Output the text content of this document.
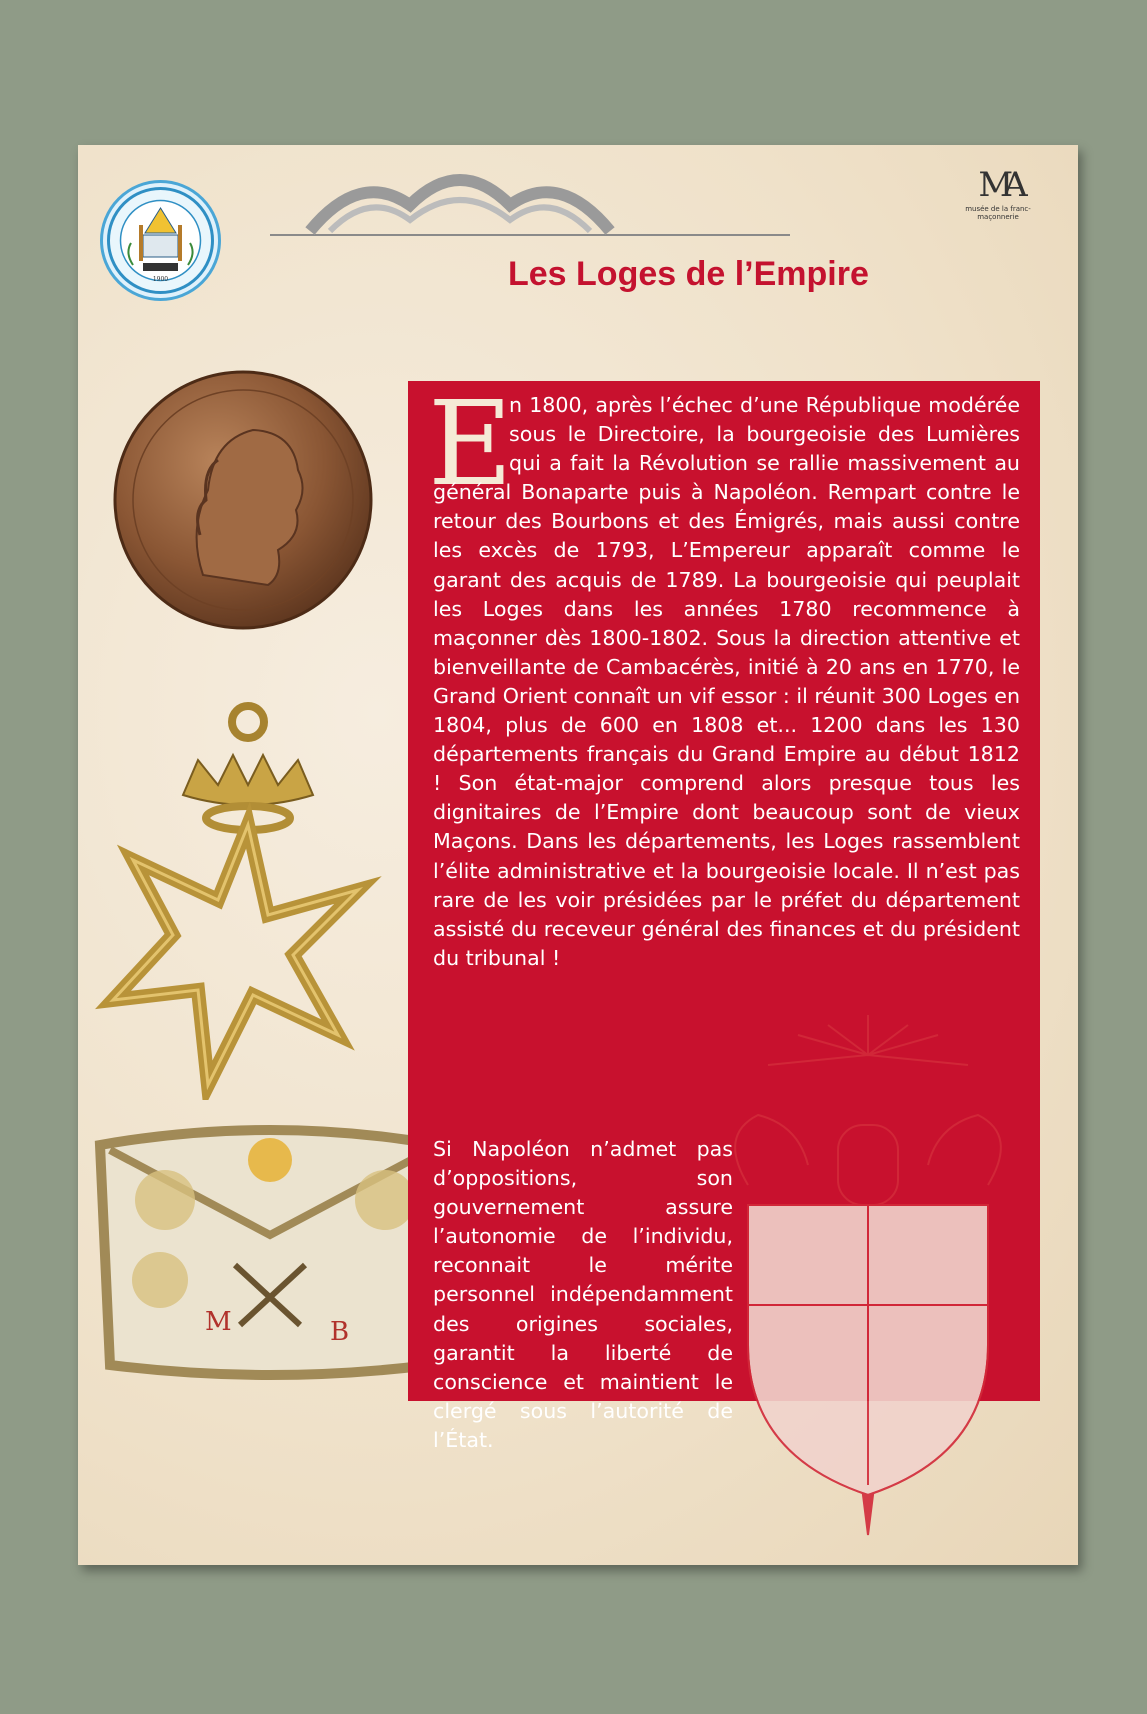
1900
MA
musée de la franc-maçonnerie
Les Loges de l’Empire
M	B
E

n 1800, après l’échec d’une République modérée sous le Directoire, la bourgeoisie des Lumières qui a fait la Révolution se rallie massivement au général Bonaparte puis à Napoléon. Rempart contre le retour des Bourbons et des Émigrés, mais aussi contre les excès de 1793, L’Empereur apparaît comme le garant des acquis de 1789. La bourgeoisie qui peuplait les Loges dans les années 1780 recommence à maçonner dès 1800-1802. Sous la direction attentive et bienveillante de Cambacérès, initié à 20 ans en 1770, le Grand Orient connaît un vif essor : il réunit 300 Loges en 1804, plus de 600 en 1808 et... 1200 dans les 130 départements français du Grand Empire au début 1812 ! Son état-major comprend alors presque tous les dignitaires de l’Empire dont beaucoup sont de vieux Maçons. Dans les départements, les Loges rassemblent l’élite administrative et la bourgeoisie locale. Il n’est pas rare de les voir présidées par le préfet du département assisté du receveur général des finances et du président du tribunal !

Si Napoléon n’admet pas d’oppositions, son gouvernement assure l’autonomie de l’individu, reconnait le mérite personnel indépendamment des origines sociales, garantit la liberté de conscience et maintient le clergé sous l’autorité de l’État.
